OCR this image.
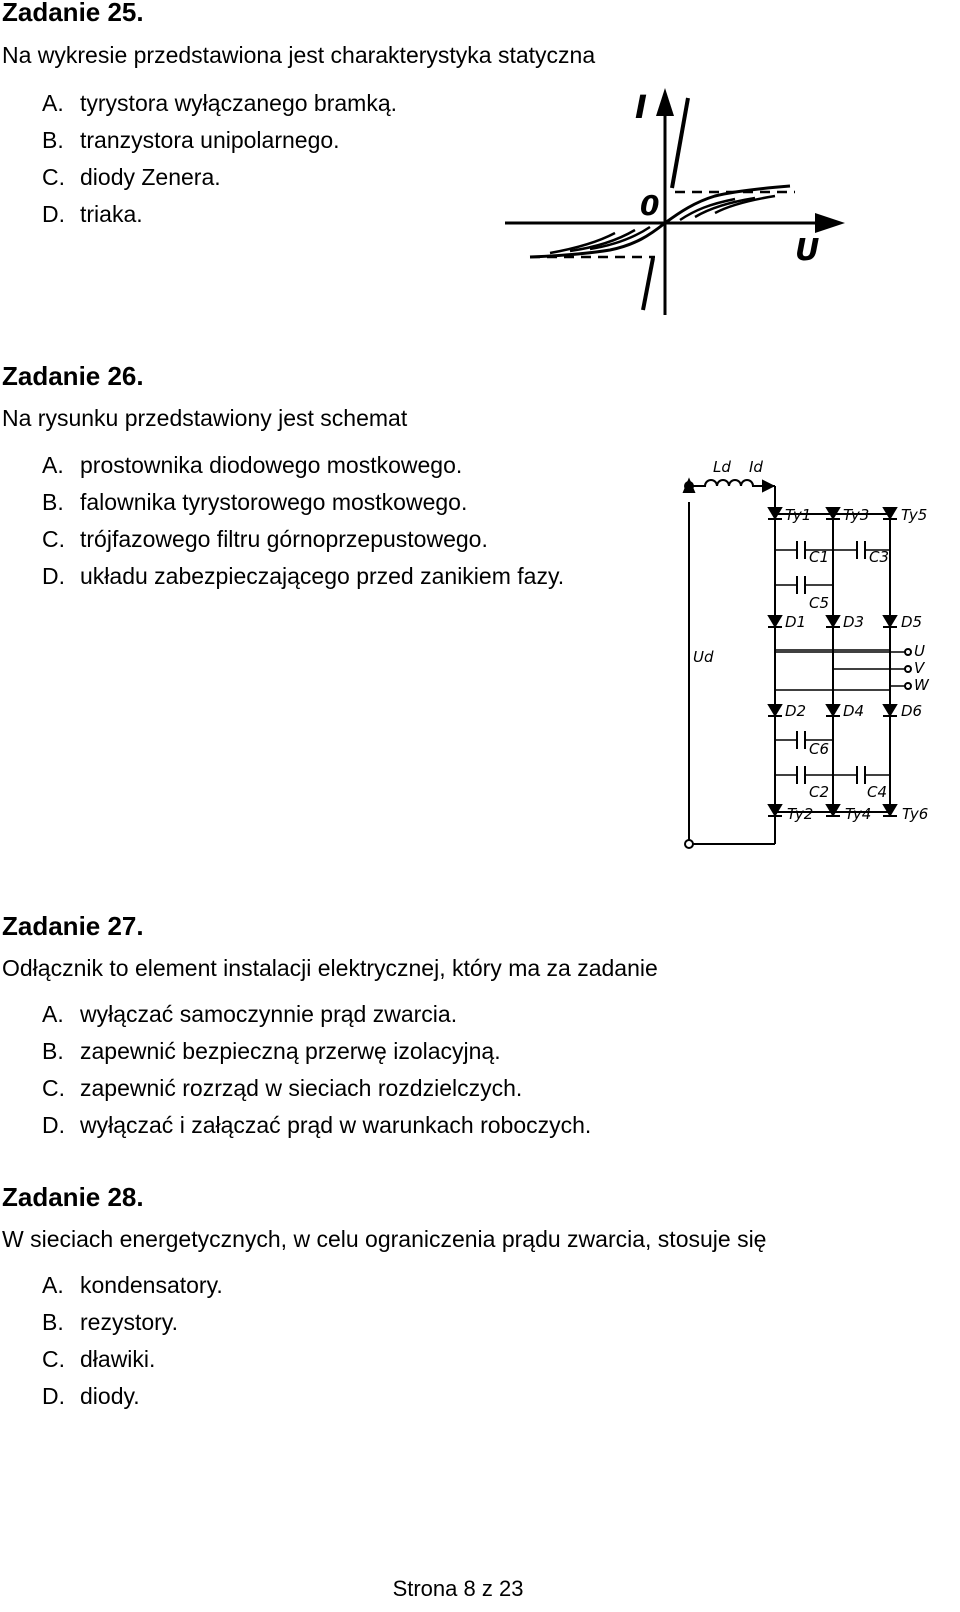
Zadanie 25.
Na wykresie przedstawiona jest charakterystyka statyczna
A. tyrystora wyłączanego bramką.
B. tranzystora unipolarnego.
C. diody Zenera.
D. triaka.
I
0
U
Zadanie 26.
Na rysunku przedstawiony jest schemat
A. prostownika diodowego mostkowego.
B. falownika tyrystorowego mostkowego.
C. trójfazowego filtru górnoprzepustowego.
D. układu zabezpieczającego przed zanikiem fazy.
Ld Id
Ud
Ty1 Ty3 Ty5
C1	C3
C5
D1 D3 D5
U
V
W
D2 D4 D6
C6
C2	C4
Ty2 Ty4 Ty6
Zadanie 27.
Odłącznik to element instalacji elektrycznej, który ma za zadanie
A. wyłączać samoczynnie prąd zwarcia.
B. zapewnić bezpieczną przerwę izolacyjną.
C. zapewnić rozrząd w sieciach rozdzielczych.
D. wyłączać i załączać prąd w warunkach roboczych.
Zadanie 28.
W sieciach energetycznych, w celu ograniczenia prądu zwarcia, stosuje się
A. kondensatory.
B. rezystory.
C. dławiki.
D. diody.
Strona 8 z 23
